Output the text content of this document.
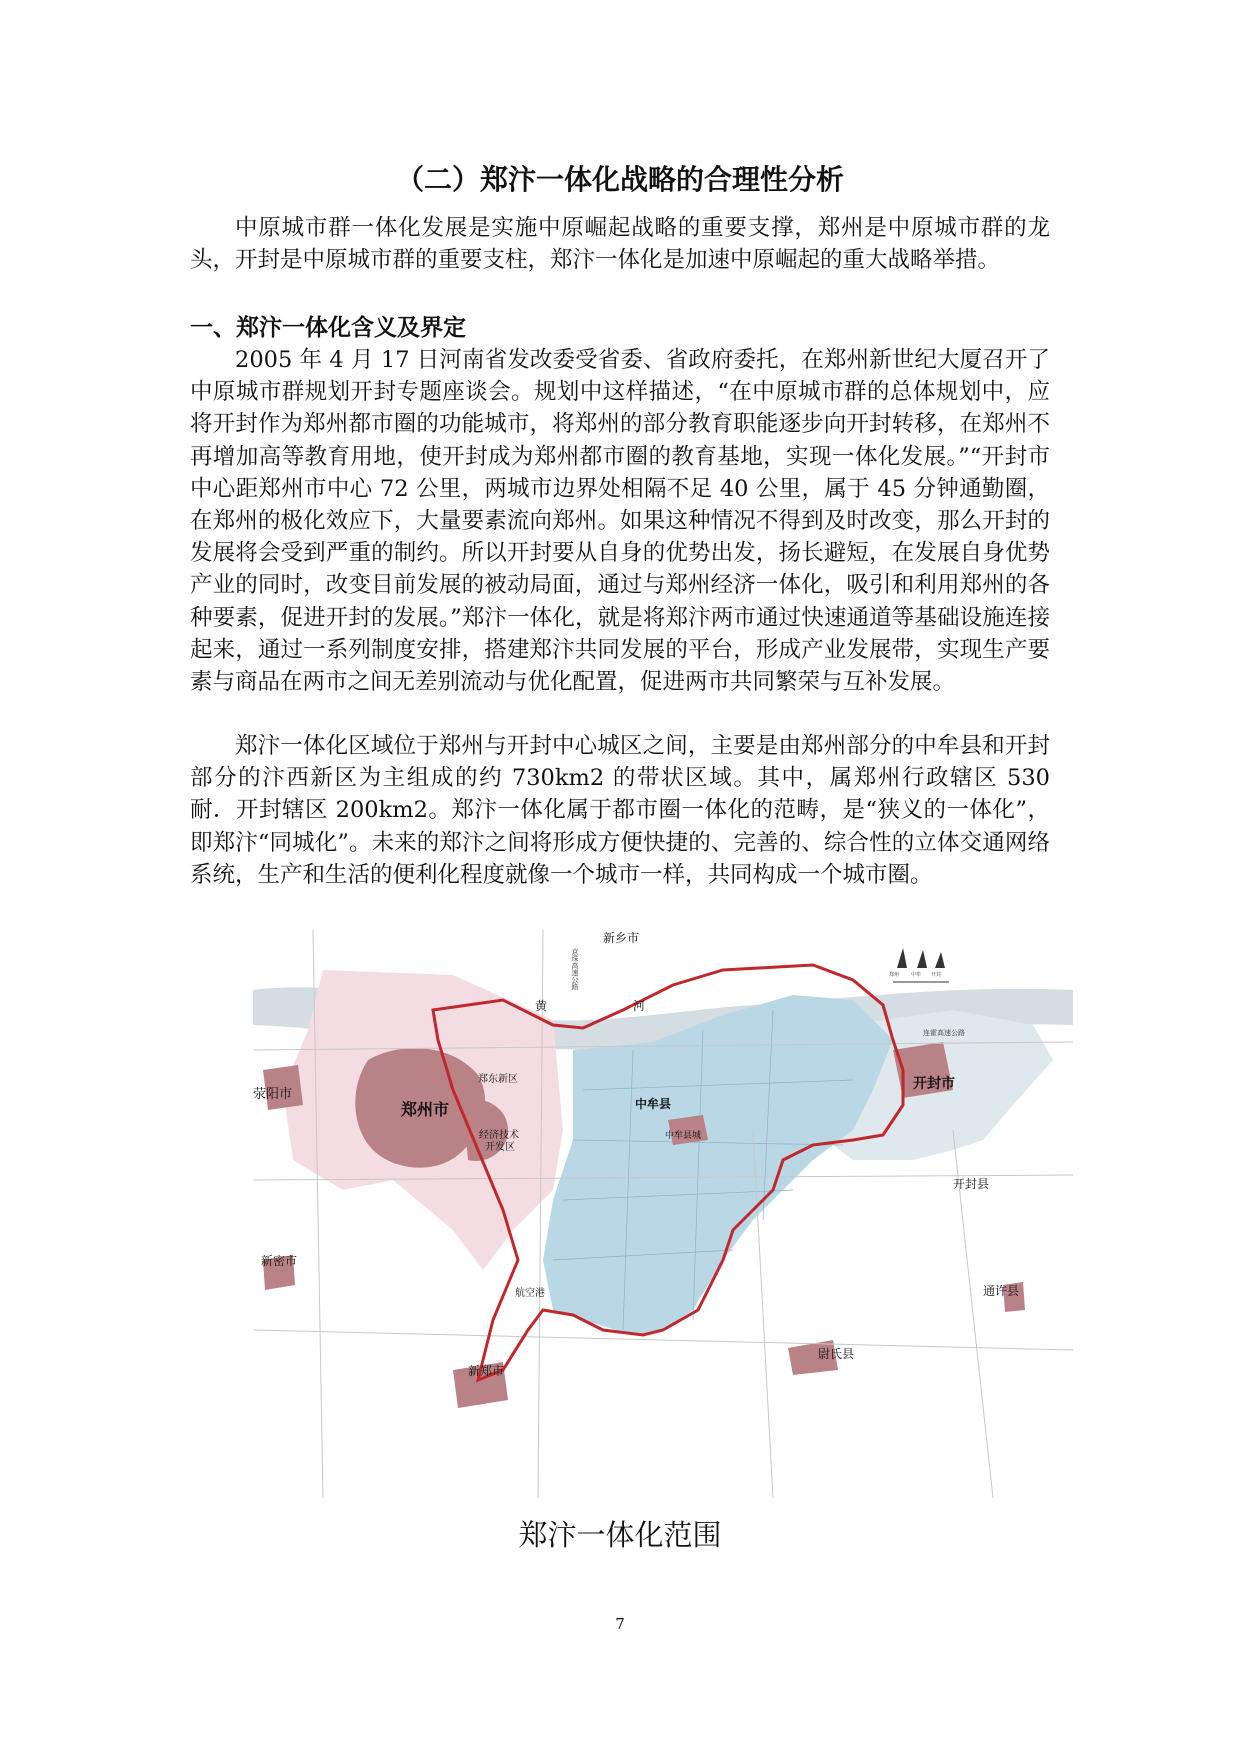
（二）郑汴一体化战略的合理性分析

中原城市群一体化发展是实施中原崛起战略的重要支撑，郑州是中原城市群的龙头，开封是中原城市群的重要支柱，郑汴一体化是加速中原崛起的重大战略举措。

一、郑汴一体化含义及界定

2005 年 4 月 17 日河南省发改委受省委、省政府委托，在郑州新世纪大厦召开了中原城市群规划开封专题座谈会。规划中这样描述，“在中原城市群的总体规划中，应将开封作为郑州都市圈的功能城市，将郑州的部分教育职能逐步向开封转移，在郑州不再增加高等教育用地，使开封成为郑州都市圈的教育基地，实现一体化发展。”“开封市中心距郑州市中心 72 公里，两城市边界处相隔不足 40 公里，属于 45 分钟通勤圈，在郑州的极化效应下，大量要素流向郑州。如果这种情况不得到及时改变，那么开封的发展将会受到严重的制约。所以开封要从自身的优势出发，扬长避短，在发展自身优势产业的同时，改变目前发展的被动局面，通过与郑州经济一体化，吸引和利用郑州的各种要素，促进开封的发展。”郑汴一体化，就是将郑汴两市通过快速通道等基础设施连接起来，通过一系列制度安排，搭建郑汴共同发展的平台，形成产业发展带，实现生产要素与商品在两市之间无差别流动与优化配置，促进两市共同繁荣与互补发展。

郑汴一体化区域位于郑州与开封中心城区之间，主要是由郑州部分的中牟县和开封部分的汴西新区为主组成的约 730km2 的带状区域。其中，属郑州行政辖区 530 耐．开封辖区 200km2。郑汴一体化属于都市圈一体化的范畴，是“狭义的一体化”，即郑汴“同城化”。未来的郑汴之间将形成方便快捷的、完善的、综合性的立体交通网络系统，生产和生活的便利化程度就像一个城市一样，共同构成一个城市圈。

郑州 中牟 开封
新乡市
京珠高速公路
黄	河
郑州市
荥阳市
郑东新区
经济技术
开发区
中牟县
中牟县城
开封市
开封县
新密市
新郑市
航空港
尉氏县
通许县
连霍高速公路
郑汴一体化范围
7
